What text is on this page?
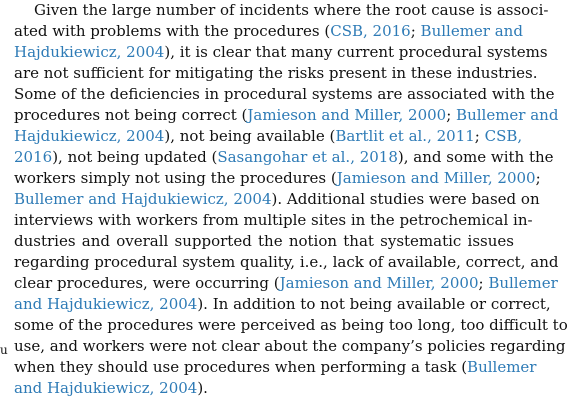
Given the large number of incidents where the root cause is associ-
ated with problems with the procedures (CSB, 2016; Bullemer and
Hajdukiewicz, 2004), it is clear that many current procedural systems
are not sufficient for mitigating the risks present in these industries.
Some of the deficiencies in procedural systems are associated with the
procedures not being correct (Jamieson and Miller, 2000; Bullemer and
Hajdukiewicz, 2004), not being available (Bartlit et al., 2011; CSB,
2016), not being updated (Sasangohar et al., 2018), and some with the
workers simply not using the procedures (Jamieson and Miller, 2000;
Bullemer and Hajdukiewicz, 2004). Additional studies were based on
interviews with workers from multiple sites in the petrochemical in-
dustries and overall supported the notion that systematic issues
regarding procedural system quality, i.e., lack of available, correct, and
clear procedures, were occurring (Jamieson and Miller, 2000; Bullemer
and Hajdukiewicz, 2004). In addition to not being available or correct,
some of the procedures were perceived as being too long, too difficult to
use, and workers were not clear about the company’s policies regarding
when they should use procedures when performing a task (Bullemer
and Hajdukiewicz, 2004).
u
